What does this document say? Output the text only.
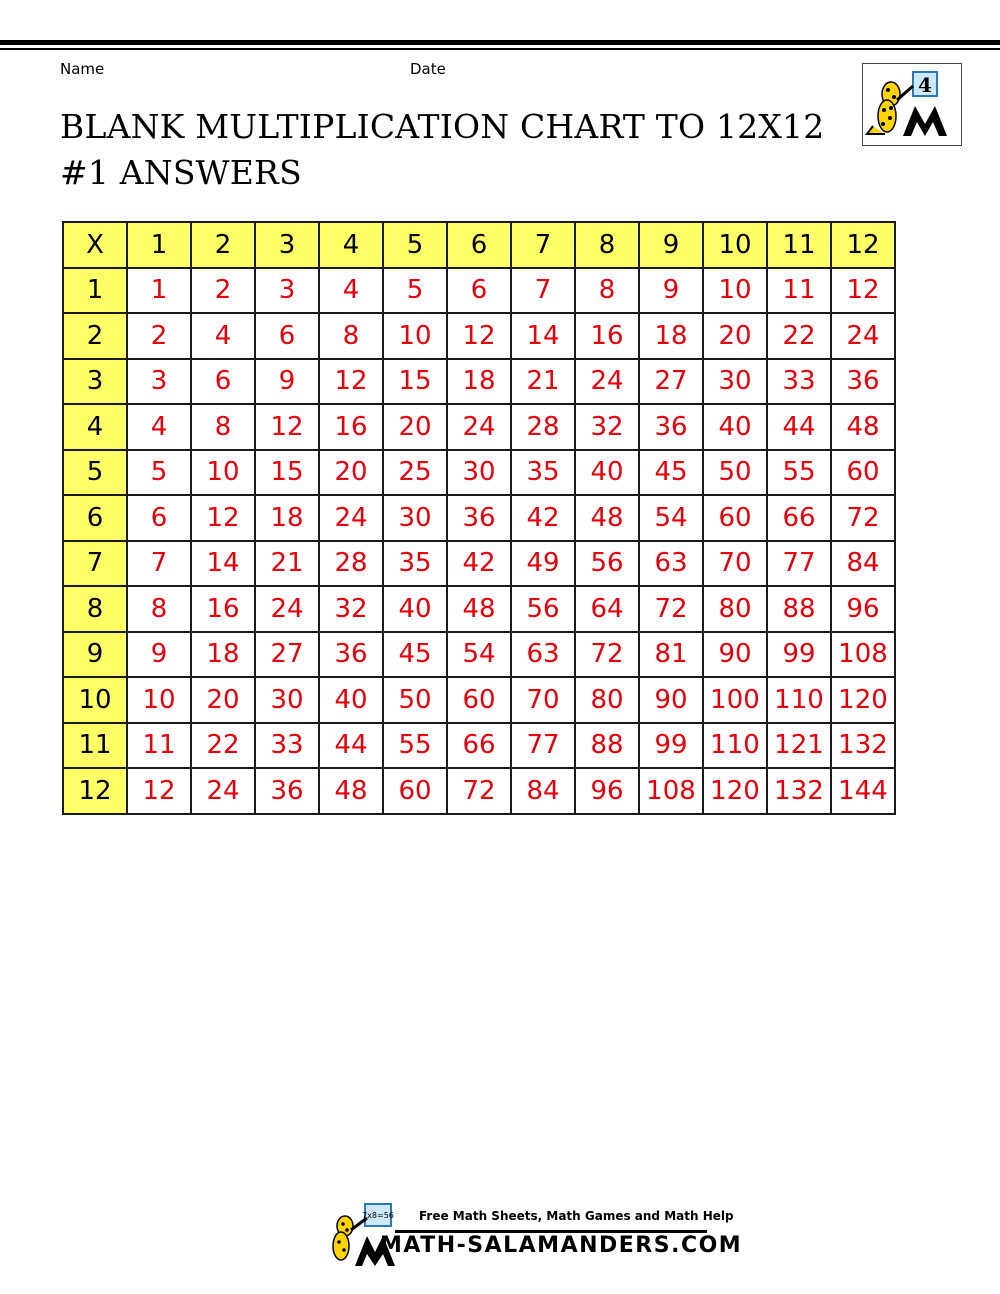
Name	Date
BLANK MULTIPLICATION CHART TO 12X12 #1 ANSWERS
4
X	1	2	3	4	5	6	7	8	9	10	11	12
1	1	2	3	4	5	6	7	8	9	10	11	12
2	2	4	6	8	10	12	14	16	18	20	22	24
3	3	6	9	12	15	18	21	24	27	30	33	36
4	4	8	12	16	20	24	28	32	36	40	44	48
5	5	10	15	20	25	30	35	40	45	50	55	60
6	6	12	18	24	30	36	42	48	54	60	66	72
7	7	14	21	28	35	42	49	56	63	70	77	84
8	8	16	24	32	40	48	56	64	72	80	88	96
9	9	18	27	36	45	54	63	72	81	90	99	108
10	10	20	30	40	50	60	70	80	90	100	110	120
11	11	22	33	44	55	66	77	88	99	110	121	132
12	12	24	36	48	60	72	84	96	108	120	132	144
7x8=56 Free Math Sheets, Math Games and Math Help
MATH-SALAMANDERS.COM
